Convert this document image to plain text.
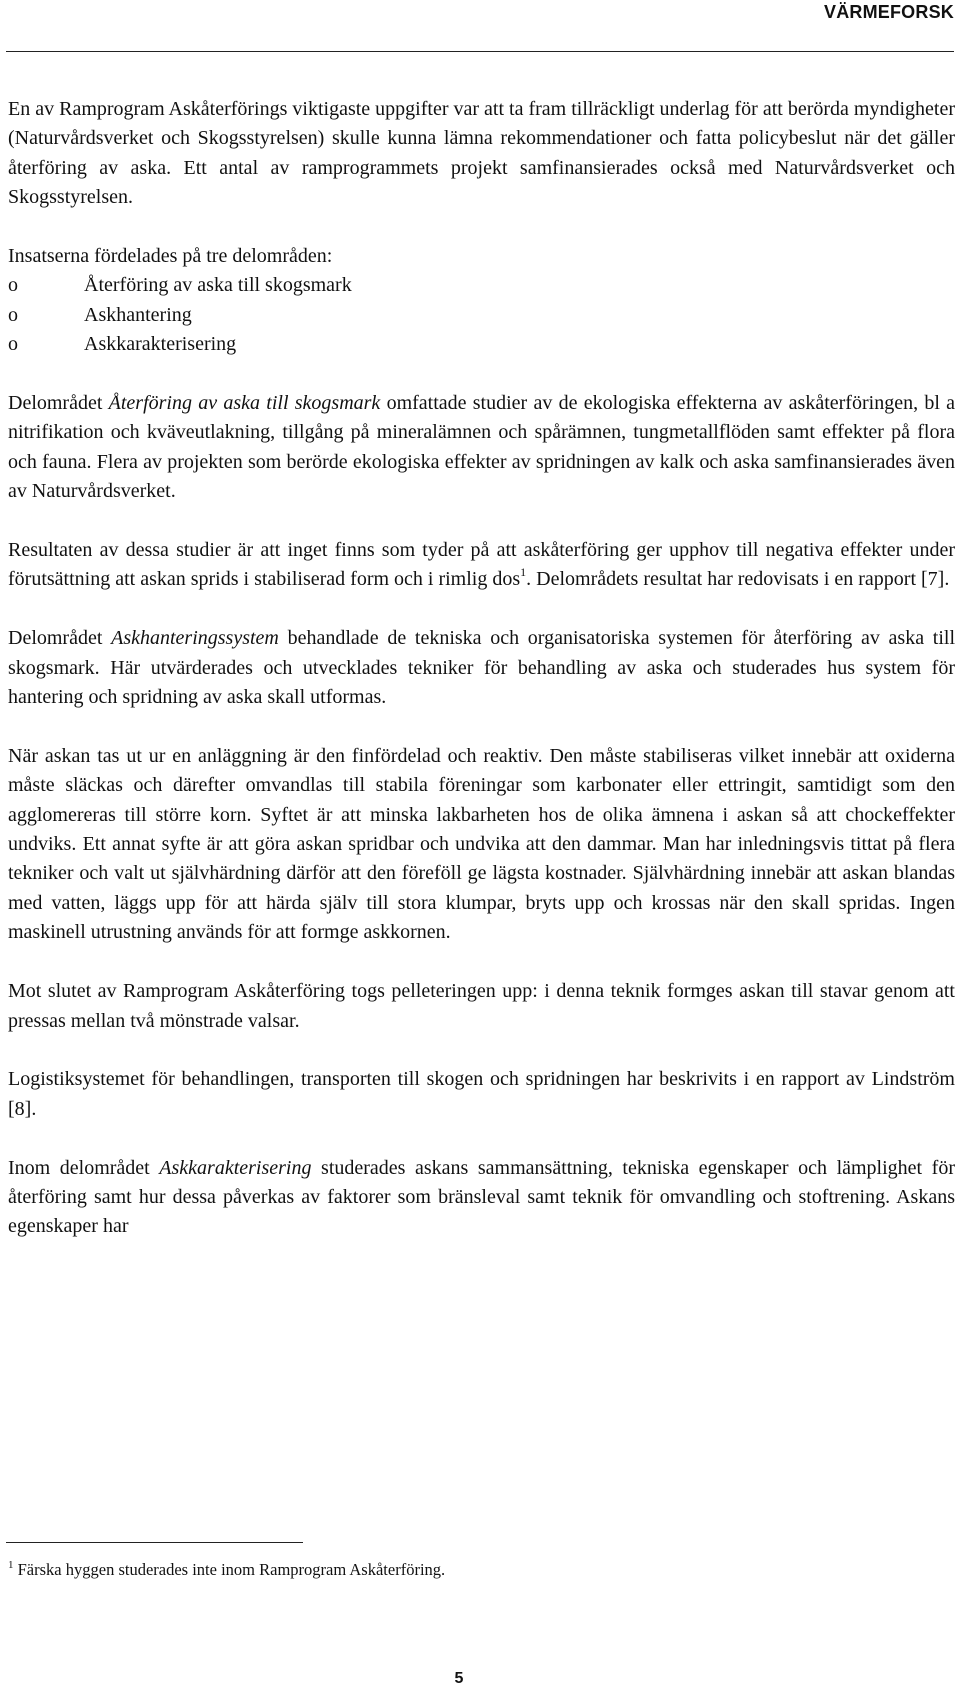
VÄRMEFORSK

En av Ramprogram Askåterförings viktigaste uppgifter var att ta fram tillräckligt underlag för att berörda myndigheter (Naturvårdsverket och Skogsstyrelsen) skulle kunna lämna rekommendationer och fatta policybeslut när det gäller återföring av aska. Ett antal av ramprogrammets projekt samfinansierades också med Naturvårdsverket och Skogsstyrelsen.

Insatserna fördelades på tre delområden:
o	Återföring av aska till skogsmark
o	Askhantering
o	Askkarakterisering

Delområdet Återföring av aska till skogsmark omfattade studier av de ekologiska effekterna av askåterföringen, bl a nitrifikation och kväveutlakning, tillgång på mineralämnen och spårämnen, tungmetallflöden samt effekter på flora och fauna. Flera av projekten som berörde ekologiska effekter av spridningen av kalk och aska samfinansierades även av Naturvårdsverket.

Resultaten av dessa studier är att inget finns som tyder på att askåterföring ger upphov till negativa effekter under förutsättning att askan sprids i stabiliserad form och i rimlig dos$^1$. Delområdets resultat har redovisats i en rapport [7].

Delområdet Askhanteringssystem behandlade de tekniska och organisatoriska systemen för återföring av aska till skogsmark. Här utvärderades och utvecklades tekniker för behandling av aska och studerades hus system för hantering och spridning av aska skall utformas.

När askan tas ut ur en anläggning är den finfördelad och reaktiv. Den måste stabiliseras vilket innebär att oxiderna måste släckas och därefter omvandlas till stabila föreningar som karbonater eller ettringit, samtidigt som den agglomereras till större korn. Syftet är att minska lakbarheten hos de olika ämnena i askan så att chockeffekter undviks. Ett annat syfte är att göra askan spridbar och undvika att den dammar. Man har inledningsvis tittat på flera tekniker och valt ut självhärdning därför att den föreföll ge lägsta kostnader. Självhärdning innebär att askan blandas med vatten, läggs upp för att härda själv till stora klumpar, bryts upp och krossas när den skall spridas. Ingen maskinell utrustning används för att formge askkornen.

Mot slutet av Ramprogram Askåterföring togs pelleteringen upp: i denna teknik formges askan till stavar genom att pressas mellan två mönstrade valsar.

Logistiksystemet för behandlingen, transporten till skogen och spridningen har beskrivits i en rapport av Lindström [8].

Inom delområdet Askkarakterisering studerades askans sammansättning, tekniska egenskaper och lämplighet för återföring samt hur dessa påverkas av faktorer som bränsleval samt teknik för omvandling och stoftrening. Askans egenskaper har

$^1$ Färska hyggen studerades inte inom Ramprogram Askåterföring.
5
